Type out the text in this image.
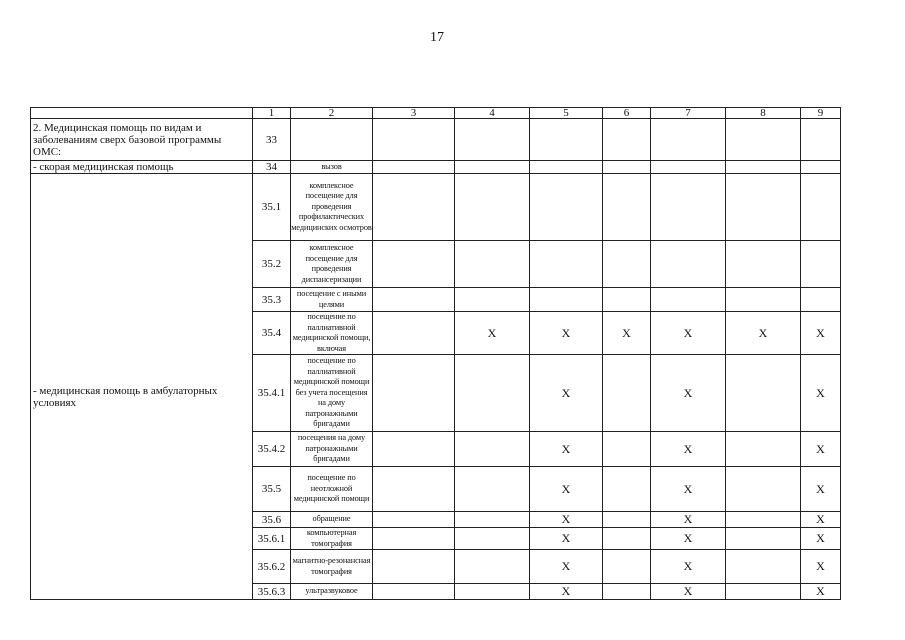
17
	1	2	3	4	5	6	7	8	9
2. Медицинская помощь по видам и заболеваниям сверх базовой программы ОМС:	33								
- скорая медицинская помощь	34	вызов							
- медицинская помощь в амбулаторных условиях	35.1	комплексное посещение для проведения профилактических медицинских осмотров							
	35.2	комплексное посещение для проведения диспансеризации							
	35.3	посещение с иными целями							
	35.4	посещение по паллиативной медицинской помощи, включая		X	X	X	X	X	X
	35.4.1	посещение по паллиативной медицинской помощи без учета посещения на дому патронажными бригадами			X		X		X
	35.4.2	посещения на дому патронажными бригадами			X		X		X
	35.5	посещение по неотложной медицинской помощи			X		X		X
	35.6	обращение			X		X		X
	35.6.1	компьютерная томография			X		X		X
	35.6.2	магнитно-резонансная томография			X		X		X
	35.6.3	ультразвуковое			X		X		X
